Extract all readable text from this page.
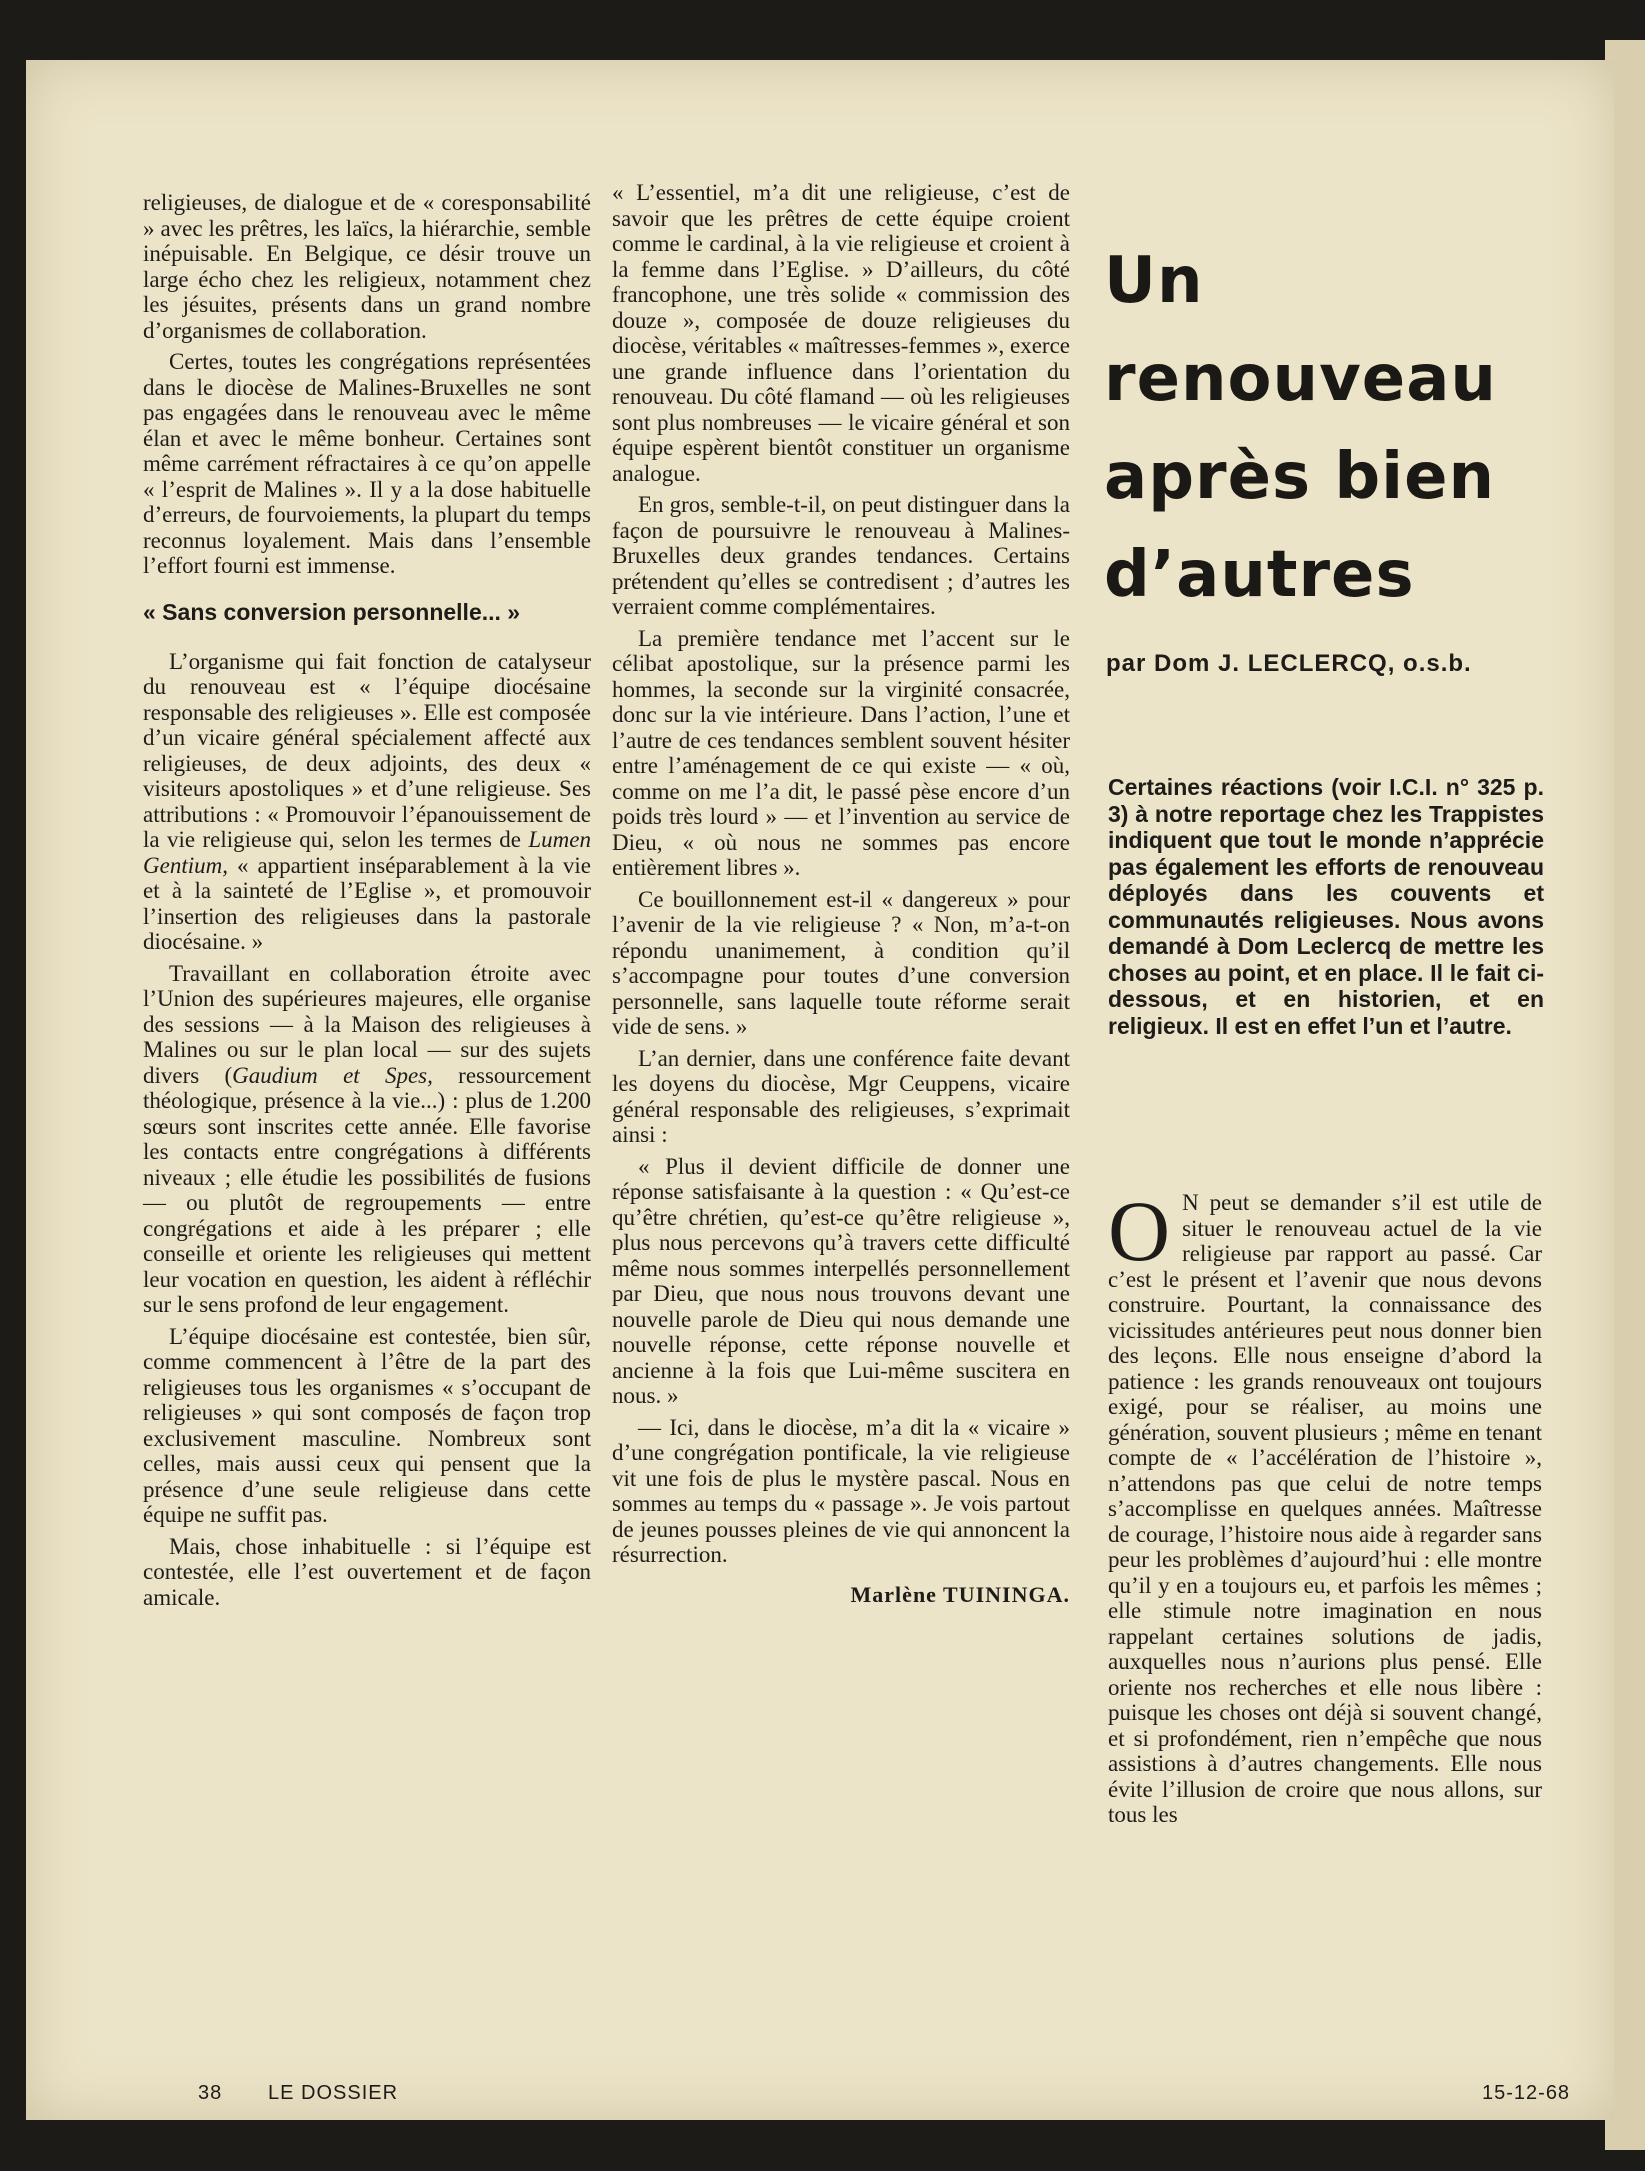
religieuses, de dialogue et de « coresponsabilité » avec les prêtres, les laïcs, la hiérarchie, semble inépuisable. En Belgique, ce désir trouve un large écho chez les religieux, notamment chez les jésuites, présents dans un grand nombre d’organismes de collaboration.

Certes, toutes les congrégations représentées dans le diocèse de Malines-Bruxelles ne sont pas engagées dans le renouveau avec le même élan et avec le même bonheur. Certaines sont même carrément réfractaires à ce qu’on appelle « l’esprit de Malines ». Il y a la dose habituelle d’erreurs, de fourvoiements, la plupart du temps reconnus loyalement. Mais dans l’ensemble l’effort fourni est immense.

« Sans conversion personnelle... »

L’organisme qui fait fonction de catalyseur du renouveau est « l’équipe diocésaine responsable des religieuses ». Elle est composée d’un vicaire général spécialement affecté aux religieuses, de deux adjoints, des deux « visiteurs apostoliques » et d’une religieuse. Ses attributions : « Promouvoir l’épanouissement de la vie religieuse qui, selon les termes de Lumen Gentium, « appartient inséparablement à la vie et à la sainteté de l’Eglise », et promouvoir l’insertion des religieuses dans la pastorale diocésaine. »

Travaillant en collaboration étroite avec l’Union des supérieures majeures, elle organise des sessions — à la Maison des religieuses à Malines ou sur le plan local — sur des sujets divers (Gaudium et Spes, ressourcement théologique, présence à la vie...) : plus de 1.200 sœurs sont inscrites cette année. Elle favorise les contacts entre congrégations à différents niveaux ; elle étudie les possibilités de fusions — ou plutôt de regroupements — entre congrégations et aide à les préparer ; elle conseille et oriente les religieuses qui mettent leur vocation en question, les aident à réfléchir sur le sens profond de leur engagement.

L’équipe diocésaine est contestée, bien sûr, comme commencent à l’être de la part des religieuses tous les organismes « s’occupant de religieuses » qui sont composés de façon trop exclusivement masculine. Nombreux sont celles, mais aussi ceux qui pensent que la présence d’une seule religieuse dans cette équipe ne suffit pas.

Mais, chose inhabituelle : si l’équipe est contestée, elle l’est ouvertement et de façon amicale.

« L’essentiel, m’a dit une religieuse, c’est de savoir que les prêtres de cette équipe croient comme le cardinal, à la vie religieuse et croient à la femme dans l’Eglise. » D’ailleurs, du côté francophone, une très solide « commission des douze », composée de douze religieuses du diocèse, véritables « maîtresses-femmes », exerce une grande influence dans l’orientation du renouveau. Du côté flamand — où les religieuses sont plus nombreuses — le vicaire général et son équipe espèrent bientôt constituer un organisme analogue.

En gros, semble-t-il, on peut distinguer dans la façon de poursuivre le renouveau à Malines-Bruxelles deux grandes tendances. Certains prétendent qu’elles se contredisent ; d’autres les verraient comme complémentaires.

La première tendance met l’accent sur le célibat apostolique, sur la présence parmi les hommes, la seconde sur la virginité consacrée, donc sur la vie intérieure. Dans l’action, l’une et l’autre de ces tendances semblent souvent hésiter entre l’aménagement de ce qui existe — « où, comme on me l’a dit, le passé pèse encore d’un poids très lourd » — et l’invention au service de Dieu, « où nous ne sommes pas encore entièrement libres ».

Ce bouillonnement est-il « dangereux » pour l’avenir de la vie religieuse ? « Non, m’a-t-on répondu unanimement, à condition qu’il s’accompagne pour toutes d’une conversion personnelle, sans laquelle toute réforme serait vide de sens. »

L’an dernier, dans une conférence faite devant les doyens du diocèse, Mgr Ceuppens, vicaire général responsable des religieuses, s’exprimait ainsi :

« Plus il devient difficile de donner une réponse satisfaisante à la question : « Qu’est-ce qu’être chrétien, qu’est-ce qu’être religieuse », plus nous percevons qu’à travers cette difficulté même nous sommes interpellés personnellement par Dieu, que nous nous trouvons devant une nouvelle parole de Dieu qui nous demande une nouvelle réponse, cette réponse nouvelle et ancienne à la fois que Lui-même suscitera en nous. »

— Ici, dans le diocèse, m’a dit la « vicaire » d’une congrégation pontificale, la vie religieuse vit une fois de plus le mystère pascal. Nous en sommes au temps du « passage ». Je vois partout de jeunes pousses pleines de vie qui annoncent la résurrection.

Marlène TUININGA.
Un
renouveau
après bien
d’autres
par Dom J. LECLERCQ, o.s.b.
Certaines réactions (voir I.C.I. n° 325 p. 3) à notre reportage chez les Trappistes indiquent que tout le monde n’apprécie pas également les efforts de renouveau déployés dans les couvents et communautés religieuses. Nous avons demandé à Dom Leclercq de mettre les choses au point, et en place. Il le fait ci-dessous, et en historien, et en religieux. Il est en effet l’un et l’autre.
O N peut se demander s’il est utile de situer le renouveau actuel de la vie religieuse par rapport au passé. Car c’est le présent et l’avenir que nous devons construire. Pourtant, la connaissance des vicissitudes antérieures peut nous donner bien des leçons. Elle nous enseigne d’abord la patience : les grands renouveaux ont toujours exigé, pour se réaliser, au moins une génération, souvent plusieurs ; même en tenant compte de « l’accélération de l’histoire », n’attendons pas que celui de notre temps s’accomplisse en quelques années. Maîtresse de courage, l’histoire nous aide à regarder sans peur les problèmes d’aujourd’hui : elle montre qu’il y en a toujours eu, et parfois les mêmes ; elle stimule notre imagination en nous rappelant certaines solutions de jadis, auxquelles nous n’aurions plus pensé. Elle oriente nos recherches et elle nous libère : puisque les choses ont déjà si souvent changé, et si profondément, rien n’empêche que nous assistions à d’autres changements. Elle nous évite l’illusion de croire que nous allons, sur tous les

38 LE DOSSIER	15-12-68
